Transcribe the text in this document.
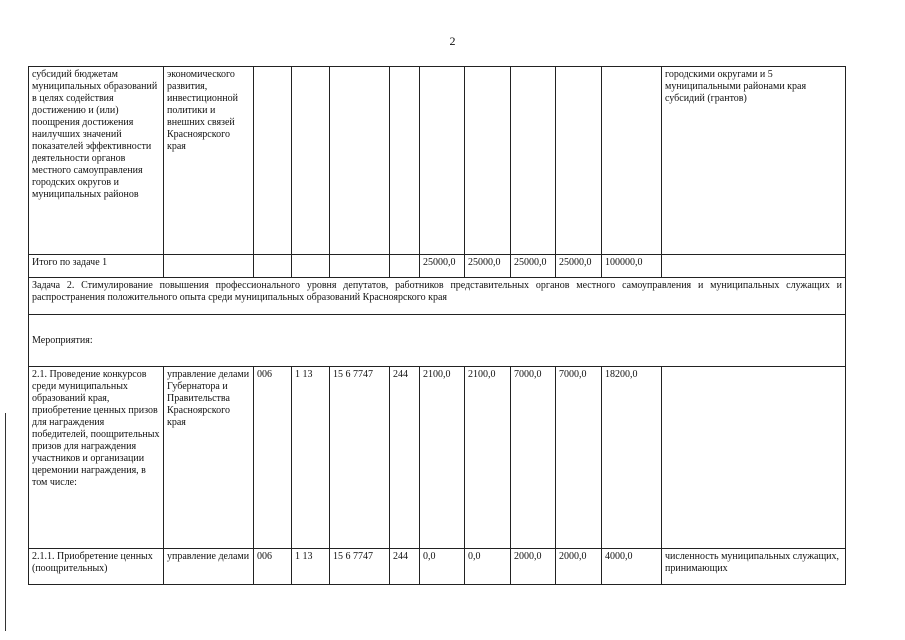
2
субсидий бюджетам муниципальных образований в целях содействия достижению и (или) поощрения достижения наилучших значений показателей эффективности деятельности органов местного самоуправления городских округов и муниципальных районов	экономического развития, инвестиционной политики и внешних связей Красноярского края										городскими округами и 5 муниципальными районами края субсидий (грантов)
Итого по задаче 1						25000,0	25000,0	25000,0	25000,0	100000,0	
Задача 2. Стимулирование повышения профессионального уровня депутатов, работников представительных органов местного самоуправления и муниципальных служащих и распространения положительного опыта среди муниципальных образований Красноярского края											
Мероприятия:											
2.1. Проведение конкурсов среди муниципальных образований края, приобретение ценных призов для награждения победителей, поощрительных призов для награждения участников и организации церемонии награждения, в том числе:	управление делами Губернатора и Правительства Красноярского края	006	1 13	15 6 7747	244	2100,0	2100,0	7000,0	7000,0	18200,0	
2.1.1. Приобретение ценных (поощрительных)	управление делами	006	1 13	15 6 7747	244	0,0	0,0	2000,0	2000,0	4000,0	численность муниципальных служащих, принимающих
